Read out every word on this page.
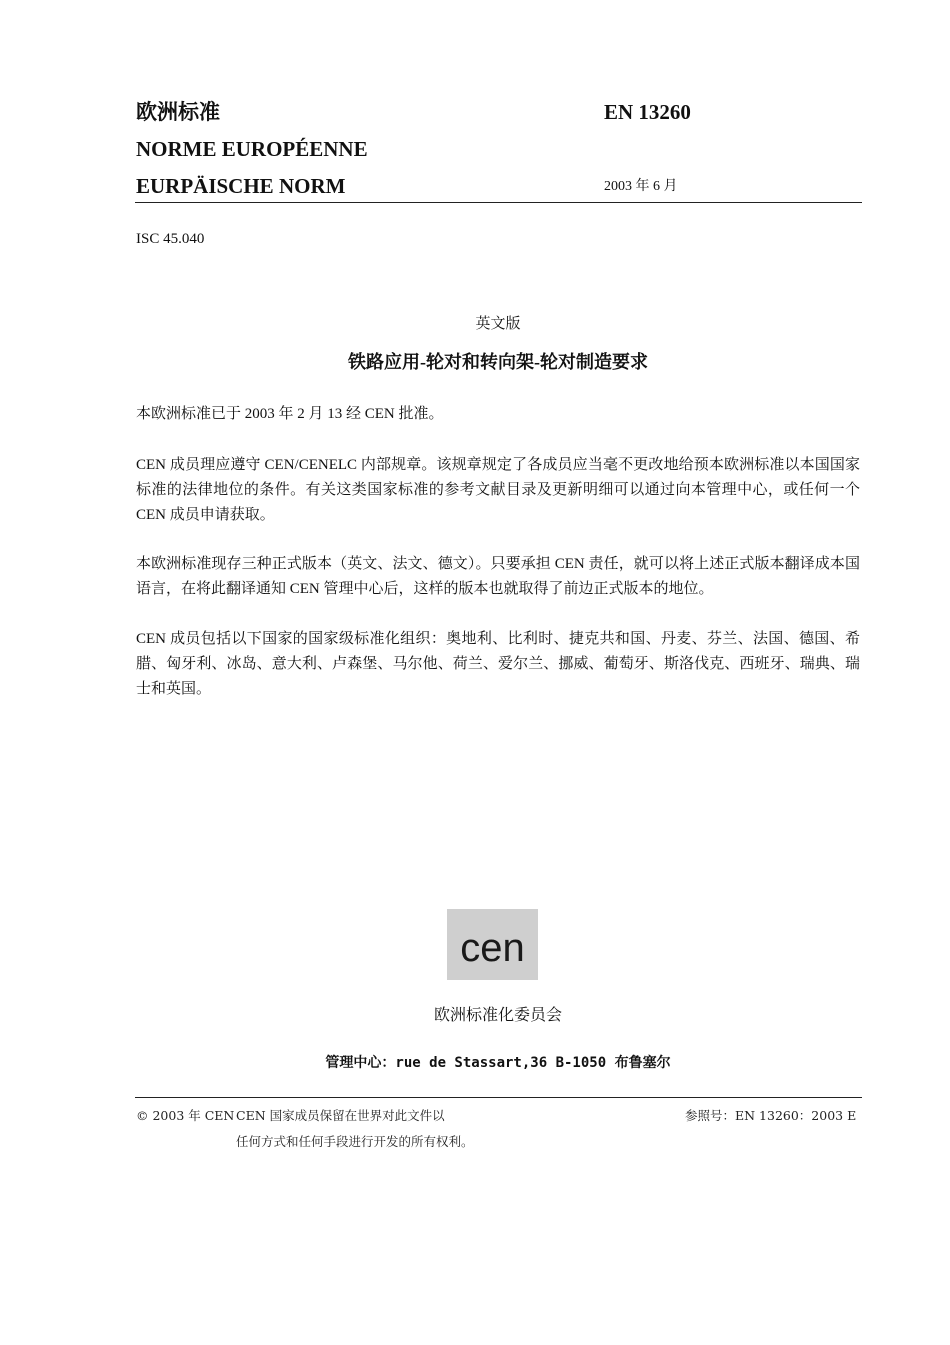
欧洲标准
NORME EUROPÉENNE
EURPÄISCHE NORM
EN 13260
2003 年 6 月
ISC 45.040
英文版
铁路应用-轮对和转向架-轮对制造要求
本欧洲标准已于 2003 年 2 月 13 经 CEN 批准。
CEN 成员理应遵守 CEN/CENELC 内部规章。该规章规定了各成员应当毫不更改地给预本欧洲标准以本国国家标准的法律地位的条件。有关这类国家标准的参考文献目录及更新明细可以通过向本管理中心，或任何一个 CEN 成员申请获取。
本欧洲标准现存三种正式版本（英文、法文、德文）。只要承担 CEN 责任，就可以将上述正式版本翻译成本国语言，在将此翻译通知 CEN 管理中心后，这样的版本也就取得了前边正式版本的地位。
CEN 成员包括以下国家的国家级标准化组织：奥地利、比利时、捷克共和国、丹麦、芬兰、法国、德国、希腊、匈牙利、冰岛、意大利、卢森堡、马尔他、荷兰、爱尔兰、挪威、葡萄牙、斯洛伐克、西班牙、瑞典、瑞士和英国。
cen
欧洲标准化委员会
管理中心：rue de Stassart,36 B-1050 布鲁塞尔
© 2003 年 CEN CEN 国家成员保留在世界对此文件以
任何方式和任何手段进行开发的所有权利。
参照号：EN 13260：2003 E
